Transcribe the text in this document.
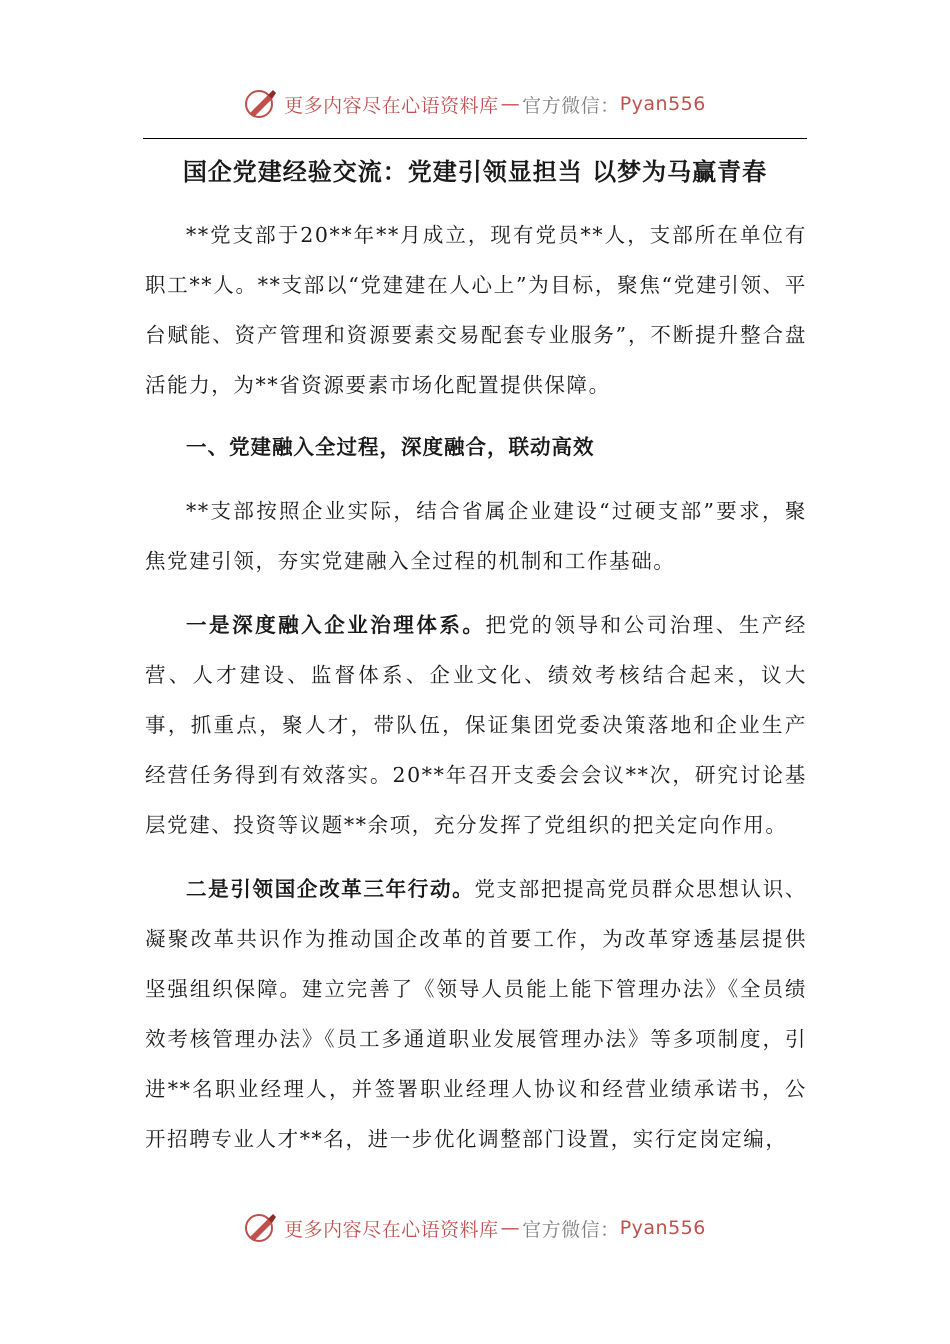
更多内容尽在心语资料库 — 官方微信： Pyan556
国企党建经验交流：党建引领显担当 以梦为马赢青春

**党支部于20**年**月成立，现有党员**人，支部所在单位有职工**人。**支部以“党建建在人心上”为目标，聚焦“党建引领、平台赋能、资产管理和资源要素交易配套专业服务”，不断提升整合盘活能力，为**省资源要素市场化配置提供保障。

一、党建融入全过程，深度融合，联动高效

**支部按照企业实际，结合省属企业建设“过硬支部”要求，聚焦党建引领，夯实党建融入全过程的机制和工作基础。

一是深度融入企业治理体系。把党的领导和公司治理、生产经营、人才建设、监督体系、企业文化、绩效考核结合起来，议大事，抓重点，聚人才，带队伍，保证集团党委决策落地和企业生产经营任务得到有效落实。20**年召开支委会会议**次，研究讨论基层党建、投资等议题**余项，充分发挥了党组织的把关定向作用。

二是引领国企改革三年行动。党支部把提高党员群众思想认识、凝聚改革共识作为推动国企改革的首要工作，为改革穿透基层提供坚强组织保障。建立完善了《领导人员能上能下管理办法》《全员绩效考核管理办法》《员工多通道职业发展管理办法》等多项制度，引进**名职业经理人，并签署职业经理人协议和经营业绩承诺书，公开招聘专业人才**名，进一步优化调整部门设置，实行定岗定编，

更多内容尽在心语资料库 — 官方微信： Pyan556
